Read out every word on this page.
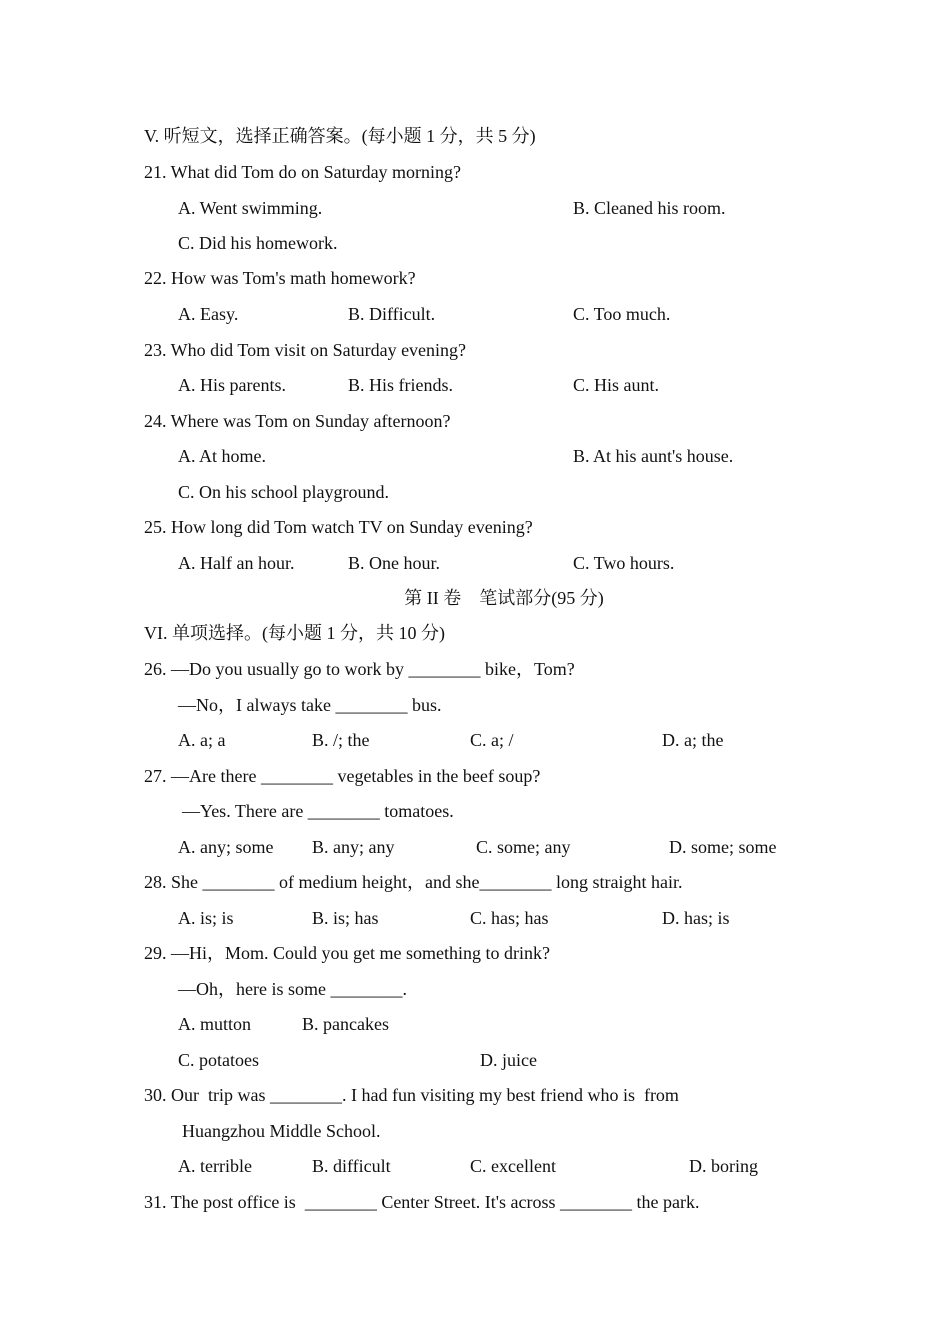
V. 听短文，选择正确答案。(每小题 1 分，共 5 分)
21. What did Tom do on Saturday morning?
A. Went swimming.	B. Cleaned his room.
C. Did his homework.
22. How was Tom's math homework?
A. Easy.	B. Difficult.	C. Too much.
23. Who did Tom visit on Saturday evening?
A. His parents.	B. His friends.	C. His aunt.
24. Where was Tom on Sunday afternoon?
A. At home.	B. At his aunt's house.
C. On his school playground.
25. How long did Tom watch TV on Sunday evening?
A. Half an hour.	B. One hour.	C. Two hours.
第 II 卷　笔试部分(95 分)
VI. 单项选择。(每小题 1 分，共 10 分)
26. —Do you usually go to work by ________ bike，Tom?
—No，I always take ________ bus.
A. a; a	B. /; the	C. a; /	D. a; the
27. —Are there ________ vegetables in the beef soup?
—Yes. There are ________ tomatoes.
A. any; some B. any; any	C. some; any	D. some; some
28. She ________ of medium height，and she________ long straight hair.
A. is; is	B. is; has	C. has; has	D. has; is
29. —Hi，Mom. Could you get me something to drink?
—Oh，here is some ________.
A. mutton	B. pancakes
C. potatoes	D. juice
30. Our  trip was ________. I had fun visiting my best friend who is  from
Huangzhou Middle School.
A. terrible	B. difficult	C. excellent	D. boring
31. The post office is  ________ Center Street. It's across ________ the park.
